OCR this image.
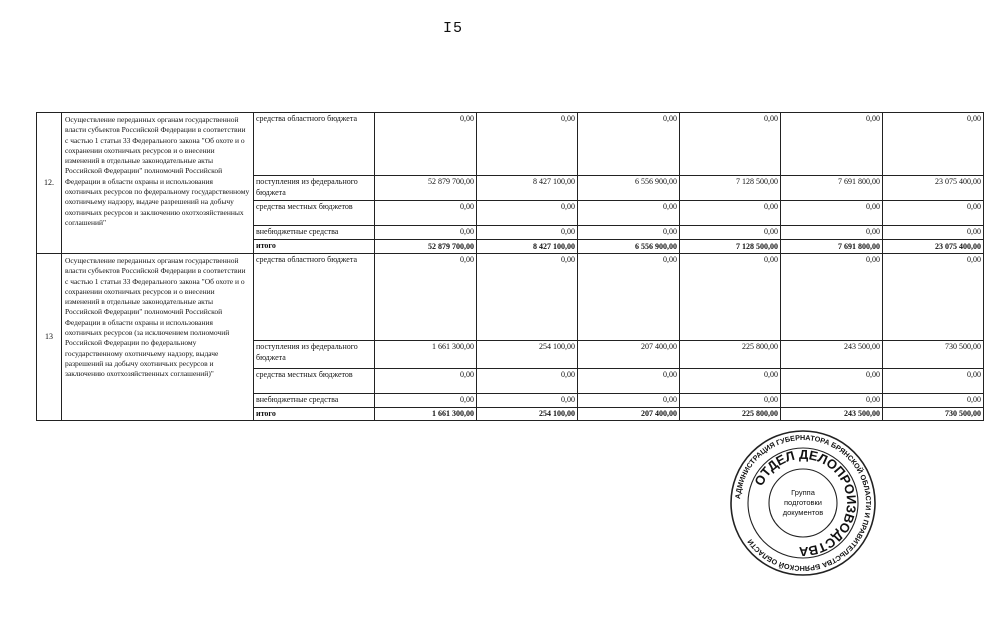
I5
12.	Осуществление переданных органам государственной власти субъектов Российской Федерации в соответствии с частью 1 статьи 33 Федерального закона "Об охоте и о сохранении охотничьих ресурсов и о внесении изменений в отдельные законодательные акты Российской Федерации" полномочий Российской Федерации в области охраны и использования охотничьих ресурсов по федеральному государственному охотничьему надзору, выдаче разрешений на добычу охотничьих ресурсов и заключению охотхозяйственных соглашений"	средства областного бюджета	0,00	0,00	0,00	0,00	0,00	0,00
		поступления из федерального бюджета	52 879 700,00	8 427 100,00	6 556 900,00	7 128 500,00	7 691 800,00	23 075 400,00
		средства местных бюджетов	0,00	0,00	0,00	0,00	0,00	0,00
		внебюджетные средства	0,00	0,00	0,00	0,00	0,00	0,00
		итого	52 879 700,00	8 427 100,00	6 556 900,00	7 128 500,00	7 691 800,00	23 075 400,00
13	Осуществление переданных органам государственной власти субъектов Российской Федерации в соответствии с частью 1 статьи 33 Федерального закона "Об охоте и о сохранении охотничьих ресурсов и о внесении изменений в отдельные законодательные акты Российской Федерации" полномочий Российской Федерации в области охраны и использования охотничьих ресурсов (за исключением полномочий Российской Федерации по федеральному государственному охотничьему надзору, выдаче разрешений на добычу охотничьих ресурсов и заключению охотхозяйственных соглашений)"	средства областного бюджета	0,00	0,00	0,00	0,00	0,00	0,00
		поступления из федерального бюджета	1 661 300,00	254 100,00	207 400,00	225 800,00	243 500,00	730 500,00
		средства местных бюджетов	0,00	0,00	0,00	0,00	0,00	0,00
		внебюджетные средства	0,00	0,00	0,00	0,00	0,00	0,00
		итого	1 661 300,00	254 100,00	207 400,00	225 800,00	243 500,00	730 500,00
АДМИНИСТРАЦИЯ ГУБЕРНАТОРА БРЯНСКОЙ ОБЛАСТИ И ПРАВИТЕЛЬСТВА БРЯНСКОЙ ОБЛАСТИ
ОТДЕЛ ДЕЛОПРОИЗВОДСТВА
Группа
подготовки
документов
